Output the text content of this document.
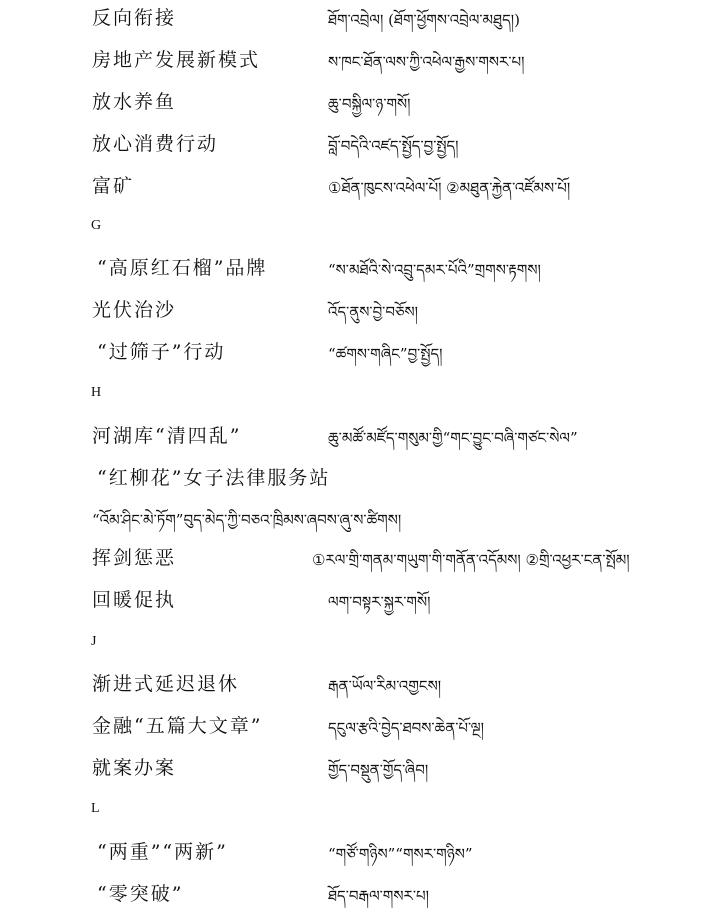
反向衔接	ཐོག་འབྲེལ། (ཐོག་ཕྱོགས་འབྲེལ་མཐུད།)
房地产发展新模式	ས་ཁང་ཐོན་ལས་ཀྱི་འཕེལ་རྒྱས་གསར་པ།
放水养鱼	ཆུ་བསྐྱིལ་ཉ་གསོ།
放心消费行动	བློ་བདེའི་འཛད་སྤྱོད་བྱ་སྤྱོད།
富矿	①ཐོན་ཁུངས་འཕེལ་པོ། ②མཐུན་རྐྱེན་འཛོམས་པོ།
G
“高原红石榴”品牌	“ས་མཐོའི་སེ་འབྲུ་དམར་པོའི”གྲགས་རྟགས།
光伏治沙	འོད་ནུས་བྱེ་བཅོས།
“过筛子”行动	“ཚགས་གཞིང”བྱ་སྤྱོད།
H
河湖库“清四乱”	ཆུ་མཚོ་མཛོད་གསུམ་གྱི“གང་བྱུང་བཞི་གཙང་སེལ”
“红柳花”女子法律服务站
“འོམ་ཤིང་མེ་ཏོག”བུད་མེད་ཀྱི་བཅའ་ཁྲིམས་ཞབས་ཞུ་ས་ཚིགས།
挥剑惩恶	①རལ་གྲི་གནམ་གཡུག་གི་གནོན་འདོམས། ②གྲི་འཕྱར་ངན་སྤོམ།
回暖促执	ལག་བསྟར་སྐྱར་གསོ།
J
渐进式延迟退休	རྒན་ཡོལ་རིམ་འགྱངས།
金融“五篇大文章”	དངུལ་རྩའི་བྱེད་ཐབས་ཆེན་པོ་ལྔ།
就案办案	གྱོད་བསྡུན་གྱོད་ཞིབ།
L
“两重”“两新”	“གཙོ་གཉིས”“གསར་གཉིས”
“零突破”	ཐོད་བརྒལ་གསར་པ།
